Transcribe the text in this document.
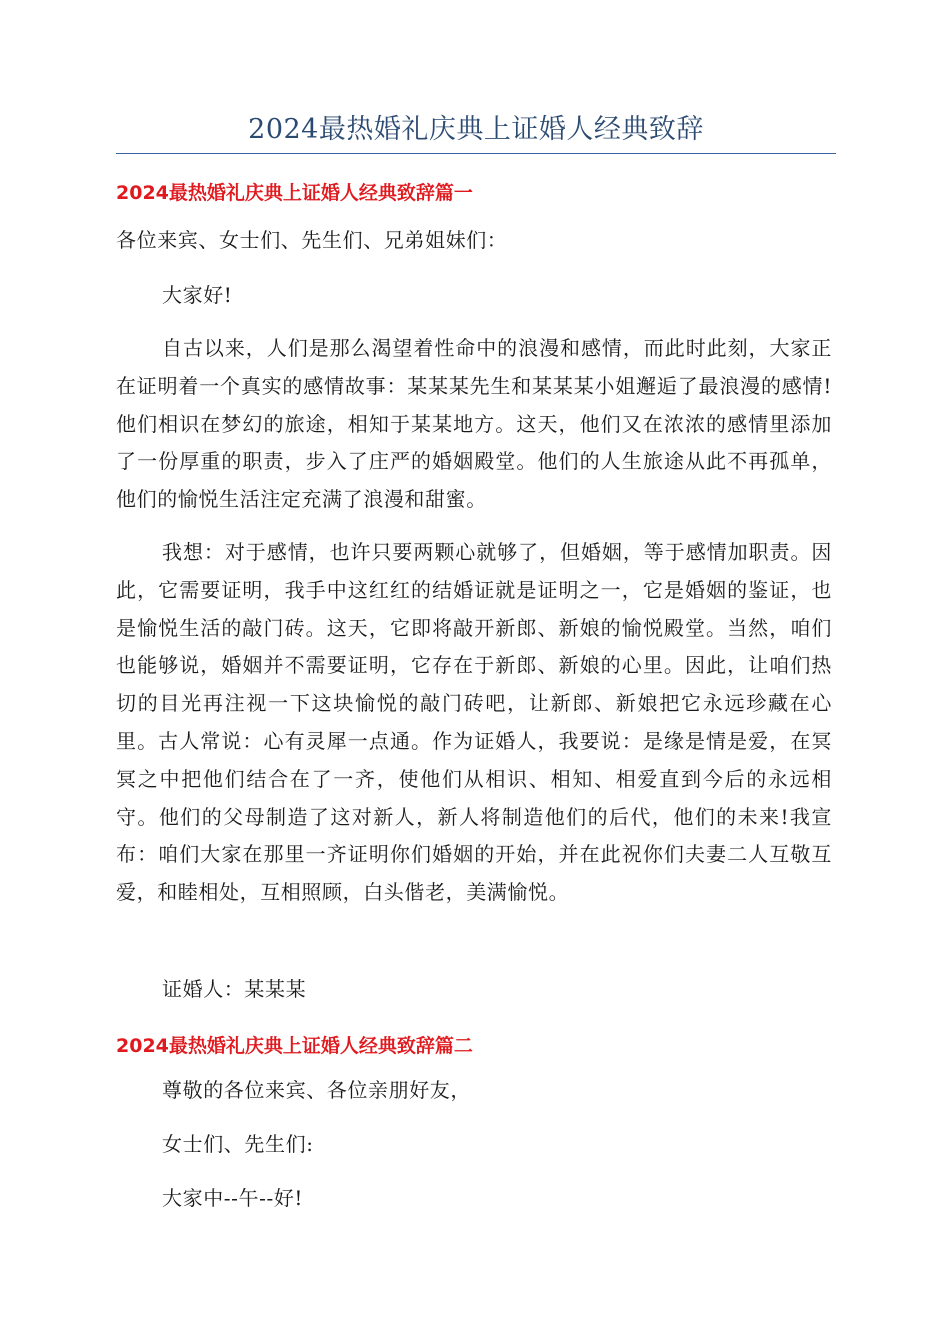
2024最热婚礼庆典上证婚人经典致辞
2024最热婚礼庆典上证婚人经典致辞篇一

各位来宾、女士们、先生们、兄弟姐妹们：

大家好!

自古以来，人们是那么渴望着性命中的浪漫和感情，而此时此刻，大家正在证明着一个真实的感情故事：某某某先生和某某某小姐邂逅了最浪漫的感情!他们相识在梦幻的旅途，相知于某某地方。这天，他们又在浓浓的感情里添加了一份厚重的职责，步入了庄严的婚姻殿堂。他们的人生旅途从此不再孤单，他们的愉悦生活注定充满了浪漫和甜蜜。

我想：对于感情，也许只要两颗心就够了，但婚姻，等于感情加职责。因此，它需要证明，我手中这红红的结婚证就是证明之一，它是婚姻的鉴证，也是愉悦生活的敲门砖。这天，它即将敲开新郎、新娘的愉悦殿堂。当然，咱们也能够说，婚姻并不需要证明，它存在于新郎、新娘的心里。因此，让咱们热切的目光再注视一下这块愉悦的敲门砖吧，让新郎、新娘把它永远珍藏在心里。古人常说：心有灵犀一点通。作为证婚人，我要说：是缘是情是爱，在冥冥之中把他们结合在了一齐，使他们从相识、相知、相爱直到今后的永远相守。他们的父母制造了这对新人，新人将制造他们的后代，他们的未来!我宣布：咱们大家在那里一齐证明你们婚姻的开始，并在此祝你们夫妻二人互敬互爱，和睦相处，互相照顾，白头偕老，美满愉悦。

证婚人：某某某

2024最热婚礼庆典上证婚人经典致辞篇二

尊敬的各位来宾、各位亲朋好友，

女士们、先生们:

大家中--午--好!
